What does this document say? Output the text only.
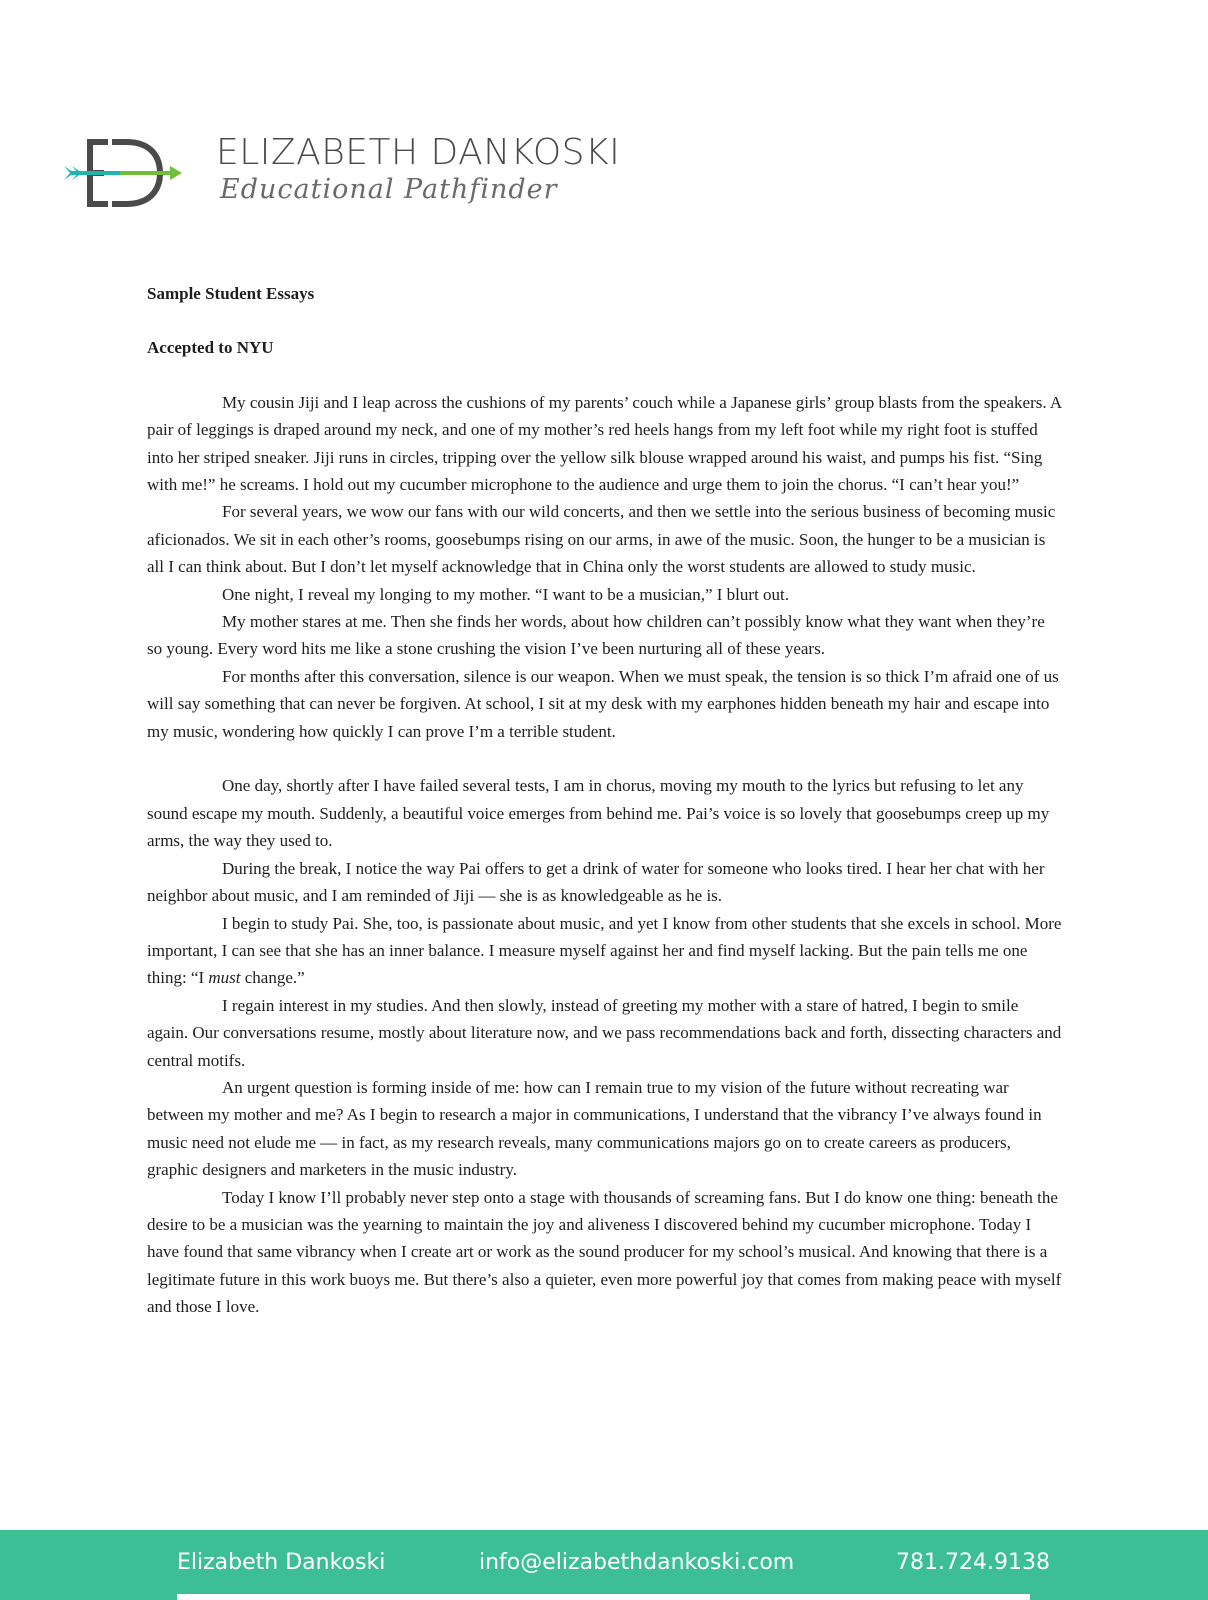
ELIZABETH DANKOSKI
Educational Pathfinder

Sample Student Essays

Accepted to NYU

My cousin Jiji and I leap across the cushions of my parents’ couch while a Japanese girls’ group blasts from the speakers. A pair of leggings is draped around my neck, and one of my mother’s red heels hangs from my left foot while my right foot is stuffed into her striped sneaker. Jiji runs in circles, tripping over the yellow silk blouse wrapped around his waist, and pumps his fist. “Sing with me!” he screams. I hold out my cucumber microphone to the audience and urge them to join the chorus. “I can’t hear you!”

For several years, we wow our fans with our wild concerts, and then we settle into the serious business of becoming music aficionados. We sit in each other’s rooms, goosebumps rising on our arms, in awe of the music. Soon, the hunger to be a musician is all I can think about. But I don’t let myself acknowledge that in China only the worst students are allowed to study music.

One night, I reveal my longing to my mother. “I want to be a musician,” I blurt out.

My mother stares at me. Then she finds her words, about how children can’t possibly know what they want when they’re so young. Every word hits me like a stone crushing the vision I’ve been nurturing all of these years.

For months after this conversation, silence is our weapon. When we must speak, the tension is so thick I’m afraid one of us will say something that can never be forgiven. At school, I sit at my desk with my earphones hidden beneath my hair and escape into my music, wondering how quickly I can prove I’m a terrible student.

One day, shortly after I have failed several tests, I am in chorus, moving my mouth to the lyrics but refusing to let any sound escape my mouth. Suddenly, a beautiful voice emerges from behind me. Pai’s voice is so lovely that goosebumps creep up my arms, the way they used to.

During the break, I notice the way Pai offers to get a drink of water for someone who looks tired. I hear her chat with her neighbor about music, and I am reminded of Jiji — she is as knowledgeable as he is.

I begin to study Pai. She, too, is passionate about music, and yet I know from other students that she excels in school. More important, I can see that she has an inner balance. I measure myself against her and find myself lacking. But the pain tells me one thing: “I must change.”

I regain interest in my studies. And then slowly, instead of greeting my mother with a stare of hatred, I begin to smile again. Our conversations resume, mostly about literature now, and we pass recommendations back and forth, dissecting characters and central motifs.

An urgent question is forming inside of me: how can I remain true to my vision of the future without recreating war between my mother and me? As I begin to research a major in communications, I understand that the vibrancy I’ve always found in music need not elude me — in fact, as my research reveals, many communications majors go on to create careers as producers, graphic designers and marketers in the music industry.

Today I know I’ll probably never step onto a stage with thousands of screaming fans. But I do know one thing: beneath the desire to be a musician was the yearning to maintain the joy and aliveness I discovered behind my cucumber microphone. Today I have found that same vibrancy when I create art or work as the sound producer for my school’s musical. And knowing that there is a legitimate future in this work buoys me. But there’s also a quieter, even more powerful joy that comes from making peace with myself and those I love.

Elizabeth Dankoski	info@elizabethdankoski.com	781.724.9138
